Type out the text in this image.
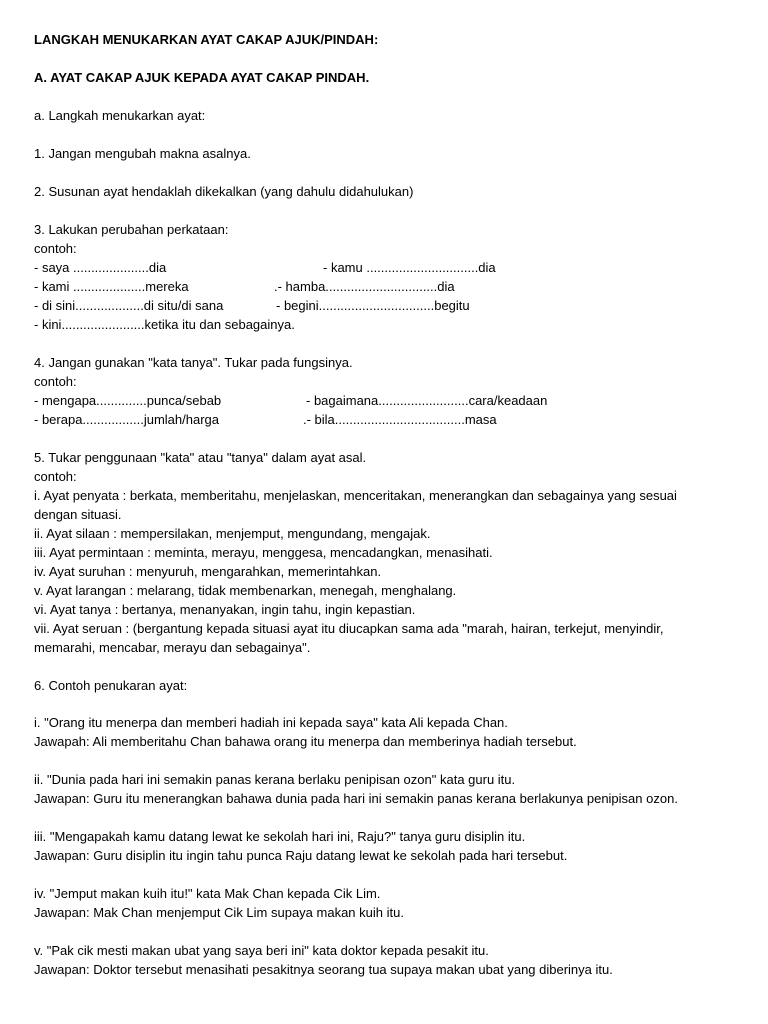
LANGKAH MENUKARKAN AYAT CAKAP AJUK/PINDAH:
A. AYAT CAKAP AJUK KEPADA AYAT CAKAP PINDAH.
a. Langkah menukarkan ayat:
1. Jangan mengubah makna asalnya.
2. Susunan ayat hendaklah dikekalkan (yang dahulu didahulukan)
3. Lakukan perubahan perkataan:
contoh:
- saya .....................dia	- kamu ...............................dia
- kami ....................mereka	.- hamba...............................dia
- di sini...................di situ/di sana	- begini................................begitu
- kini.......................ketika itu dan sebagainya.
4. Jangan gunakan "kata tanya". Tukar pada fungsinya.
contoh:
- mengapa..............punca/sebab	- bagaimana.........................cara/keadaan
- berapa.................jumlah/harga	.- bila....................................masa
5. Tukar penggunaan "kata" atau "tanya" dalam ayat asal.
contoh:
i. Ayat penyata : berkata, memberitahu, menjelaskan, menceritakan, menerangkan dan sebagainya yang sesuai
dengan situasi.
ii. Ayat silaan : mempersilakan, menjemput, mengundang, mengajak.
iii. Ayat permintaan : meminta, merayu, menggesa, mencadangkan, menasihati.
iv. Ayat suruhan : menyuruh, mengarahkan, memerintahkan.
v. Ayat larangan : melarang, tidak membenarkan, menegah, menghalang.
vi. Ayat tanya : bertanya, menanyakan, ingin tahu, ingin kepastian.
vii. Ayat seruan : (bergantung kepada situasi ayat itu diucapkan sama ada "marah, hairan, terkejut, menyindir,
memarahi, mencabar, merayu dan sebagainya".
6. Contoh penukaran ayat:
i. "Orang itu menerpa dan memberi hadiah ini kepada saya" kata Ali kepada Chan.
Jawapah: Ali memberitahu Chan bahawa orang itu menerpa dan memberinya hadiah tersebut.
ii. "Dunia pada hari ini semakin panas kerana berlaku penipisan ozon" kata guru itu.
Jawapan: Guru itu menerangkan bahawa dunia pada hari ini semakin panas kerana berlakunya penipisan ozon.
iii. "Mengapakah kamu datang lewat ke sekolah hari ini, Raju?" tanya guru disiplin itu.
Jawapan: Guru disiplin itu ingin tahu punca Raju datang lewat ke sekolah pada hari tersebut.
iv. "Jemput makan kuih itu!" kata Mak Chan kepada Cik Lim.
Jawapan: Mak Chan menjemput Cik Lim supaya makan kuih itu.
v. "Pak cik mesti makan ubat yang saya beri ini" kata doktor kepada pesakit itu.
Jawapan: Doktor tersebut menasihati pesakitnya seorang tua supaya makan ubat yang diberinya itu.
